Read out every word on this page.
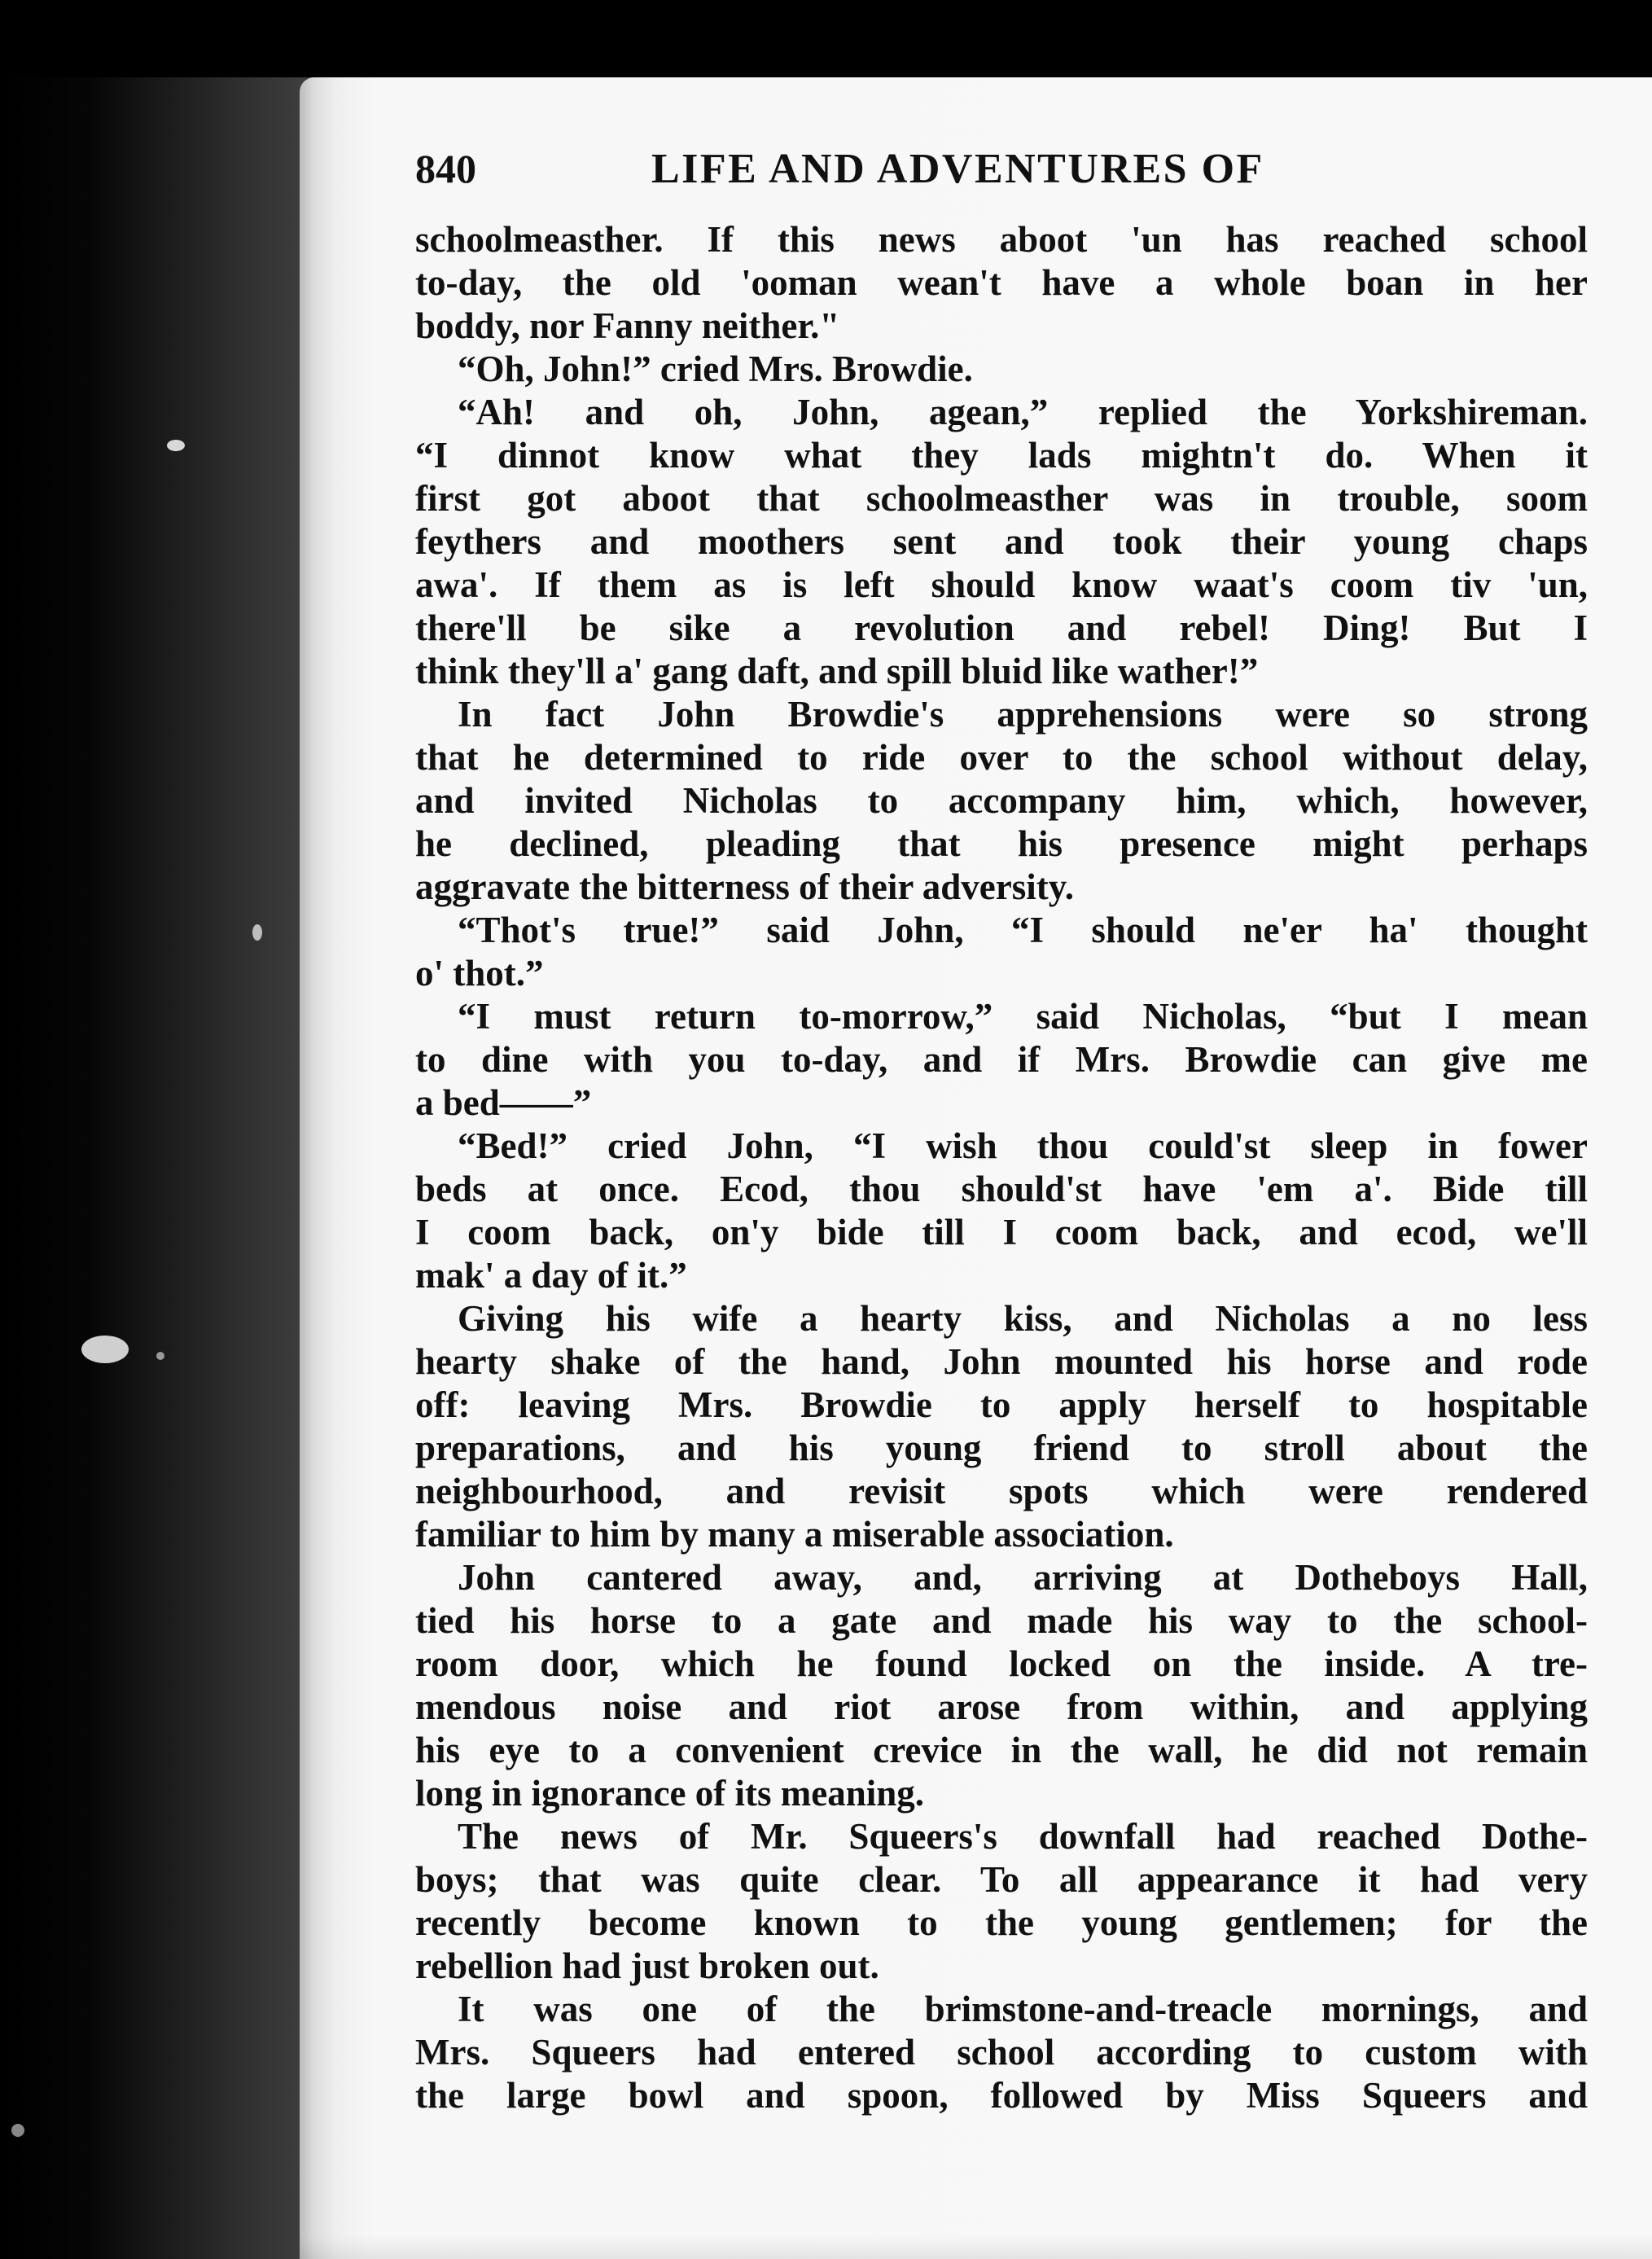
840	LIFE AND ADVENTURES OF
schoolmeasther. If this news aboot 'un has reached school
to-day, the old 'ooman wean't have a whole boan in her
boddy, nor Fanny neither."
“Oh, John!” cried Mrs. Browdie.
“Ah! and oh, John, agean,” replied the Yorkshireman.
“I dinnot know what they lads mightn't do. When it
first got aboot that schoolmeasther was in trouble, soom
feythers and moothers sent and took their young chaps
awa'. If them as is left should know waat's coom tiv 'un,
there'll be sike a revolution and rebel! Ding! But I
think they'll a' gang daft, and spill bluid like wather!”
In fact John Browdie's apprehensions were so strong
that he determined to ride over to the school without delay,
and invited Nicholas to accompany him, which, however,
he declined, pleading that his presence might perhaps
aggravate the bitterness of their adversity.
“Thot's true!” said John, “I should ne'er ha' thought
o' thot.”
“I must return to-morrow,” said Nicholas, “but I mean
to dine with you to-day, and if Mrs. Browdie can give me
a bed——”
“Bed!” cried John, “I wish thou could'st sleep in fower
beds at once. Ecod, thou should'st have 'em a'. Bide till
I coom back, on'y bide till I coom back, and ecod, we'll
mak' a day of it.”
Giving his wife a hearty kiss, and Nicholas a no less
hearty shake of the hand, John mounted his horse and rode
off: leaving Mrs. Browdie to apply herself to hospitable
preparations, and his young friend to stroll about the
neighbourhood, and revisit spots which were rendered
familiar to him by many a miserable association.
John cantered away, and, arriving at Dotheboys Hall,
tied his horse to a gate and made his way to the school-
room door, which he found locked on the inside. A tre-
mendous noise and riot arose from within, and applying
his eye to a convenient crevice in the wall, he did not remain
long in ignorance of its meaning.
The news of Mr. Squeers's downfall had reached Dothe-
boys; that was quite clear. To all appearance it had very
recently become known to the young gentlemen; for the
rebellion had just broken out.
It was one of the brimstone-and-treacle mornings, and
Mrs. Squeers had entered school according to custom with
the large bowl and spoon, followed by Miss Squeers and
